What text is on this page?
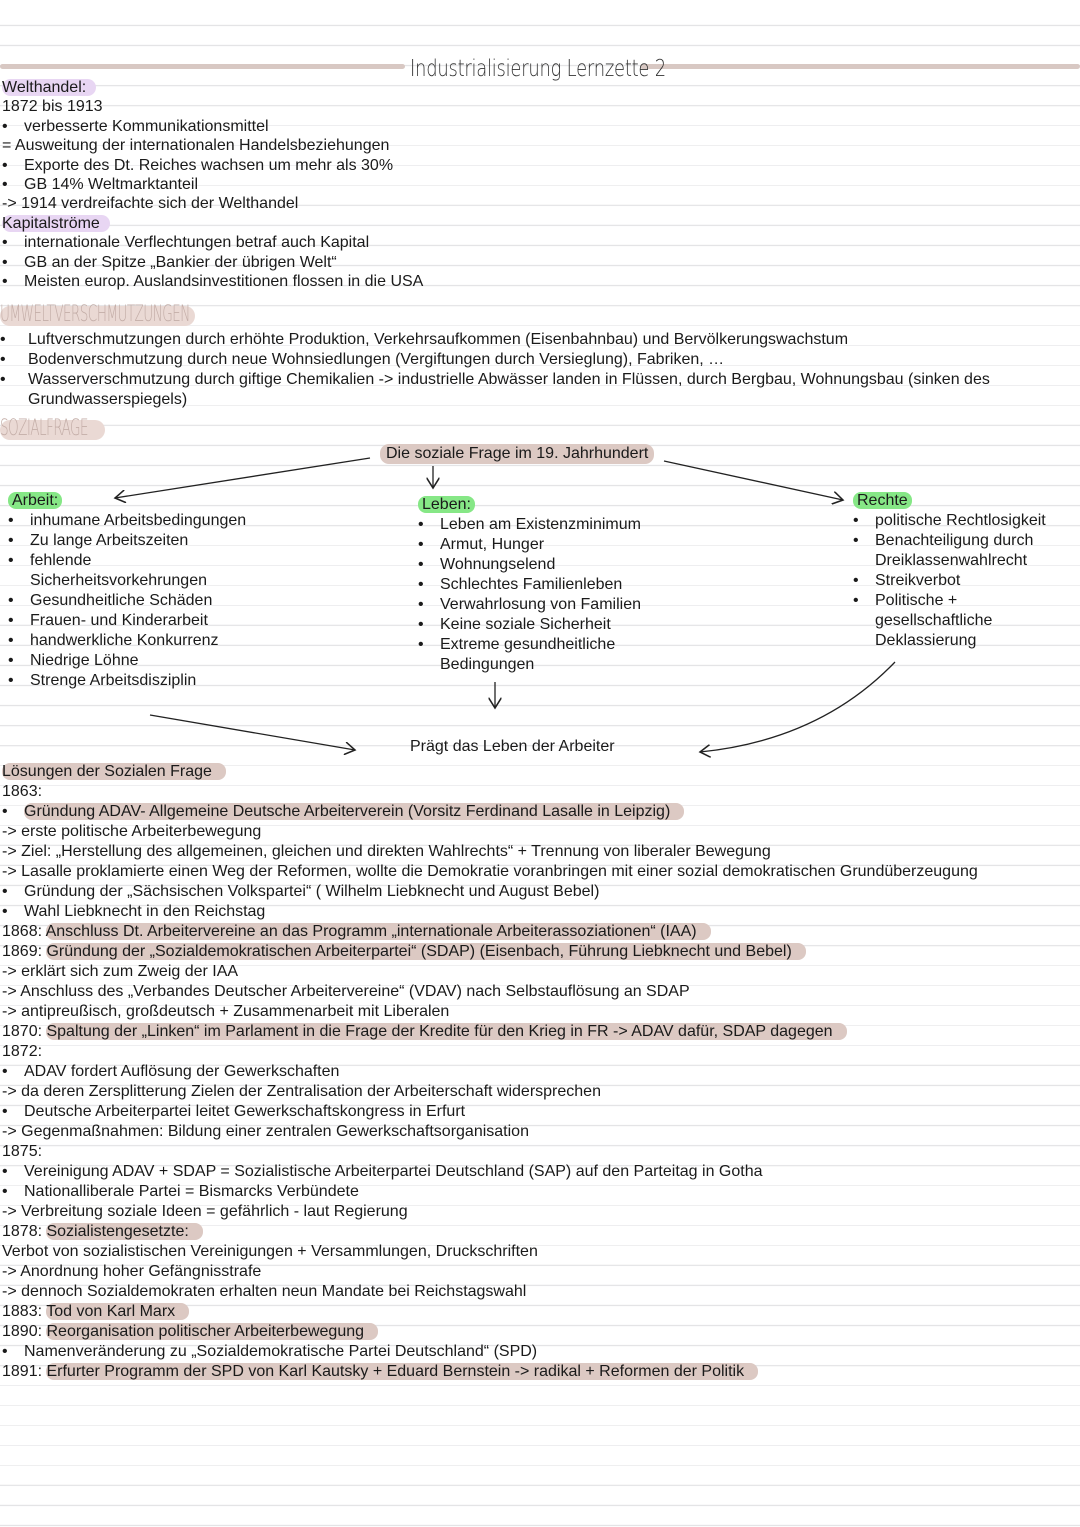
Industrialisierung Lernzette 2
Welthandel:
1872 bis 1913
• verbesserte Kommunikationsmittel
= Ausweitung der internationalen Handelsbeziehungen
• Exporte des Dt. Reiches wachsen um mehr als 30%
• GB 14% Weltmarktanteil
-> 1914 verdreifachte sich der Welthandel
Kapitalströme
• internationale Verflechtungen betraf auch Kapital
• GB an der Spitze „Bankier der übrigen Welt“
• Meisten europ. Auslandsinvestitionen flossen in die USA
UMWELTVERSCHMUTZUNGEN
• Luftverschmutzungen durch erhöhte Produktion, Verkehrsaufkommen (Eisenbahnbau) und Bervölkerungswachstum
• Bodenverschmutzung durch neue Wohnsiedlungen (Vergiftungen durch Versieglung), Fabriken, …
• Wasserverschmutzung durch giftige Chemikalien -> industrielle Abwässer landen in Flüssen, durch Bergbau, Wohnungsbau (sinken des Grundwasserspiegels)
SOZIALFRAGE
Die soziale Frage im 19. Jahrhundert
Arbeit:
• inhumane Arbeitsbedingungen
• Zu lange Arbeitszeiten
• fehlende Sicherheitsvorkehrungen
• Gesundheitliche Schäden
• Frauen- und Kinderarbeit
• handwerkliche Konkurrenz
• Niedrige Löhne
• Strenge Arbeitsdisziplin
Leben:
• Leben am Existenzminimum
• Armut, Hunger
• Wohnungselend
• Schlechtes Familienleben
• Verwahrlosung von Familien
• Keine soziale Sicherheit
• Extreme gesundheitliche Bedingungen
Rechte
• politische Rechtlosigkeit
• Benachteiligung durch Dreiklassenwahlrecht
• Streikverbot
• Politische + gesellschaftliche Deklassierung
Prägt das Leben der Arbeiter
Lösungen der Sozialen Frage
1863:
• Gründung ADAV- Allgemeine Deutsche Arbeiterverein (Vorsitz Ferdinand Lasalle in Leipzig)
-> erste politische Arbeiterbewegung
-> Ziel: „Herstellung des allgemeinen, gleichen und direkten Wahlrechts“ + Trennung von liberaler Bewegung
-> Lasalle proklamierte einen Weg der Reformen, wollte die Demokratie voranbringen mit einer sozial demokratischen Grundüberzeugung
• Gründung der „Sächsischen Volkspartei“ ( Wilhelm Liebknecht und August Bebel)
• Wahl Liebknecht in den Reichstag
1868: Anschluss Dt. Arbeitervereine an das Programm „internationale Arbeiterassoziationen“ (IAA)
1869: Gründung der „Sozialdemokratischen Arbeiterpartei“ (SDAP) (Eisenbach, Führung Liebknecht und Bebel)
-> erklärt sich zum Zweig der IAA
-> Anschluss des „Verbandes Deutscher Arbeitervereine“ (VDAV) nach Selbstauflösung an SDAP
-> antipreußisch, großdeutsch + Zusammenarbeit mit Liberalen
1870: Spaltung der „Linken“ im Parlament in die Frage der Kredite für den Krieg in FR -> ADAV dafür, SDAP dagegen
1872:
• ADAV fordert Auflösung der Gewerkschaften
-> da deren Zersplitterung Zielen der Zentralisation der Arbeiterschaft widersprechen
• Deutsche Arbeiterpartei leitet Gewerkschaftskongress in Erfurt
-> Gegenmaßnahmen: Bildung einer zentralen Gewerkschaftsorganisation
1875:
• Vereinigung ADAV + SDAP = Sozialistische Arbeiterpartei Deutschland (SAP) auf den Parteitag in Gotha
• Nationalliberale Partei = Bismarcks Verbündete
-> Verbreitung soziale Ideen = gefährlich - laut Regierung
1878: Sozialistengesetzte:
Verbot von sozialistischen Vereinigungen + Versammlungen, Druckschriften
-> Anordnung hoher Gefängnisstrafe
-> dennoch Sozialdemokraten erhalten neun Mandate bei Reichstagswahl
1883: Tod von Karl Marx
1890: Reorganisation politischer Arbeiterbewegung
• Namenveränderung zu „Sozialdemokratische Partei Deutschland“ (SPD)
1891: Erfurter Programm der SPD von Karl Kautsky + Eduard Bernstein -> radikal + Reformen der Politik
